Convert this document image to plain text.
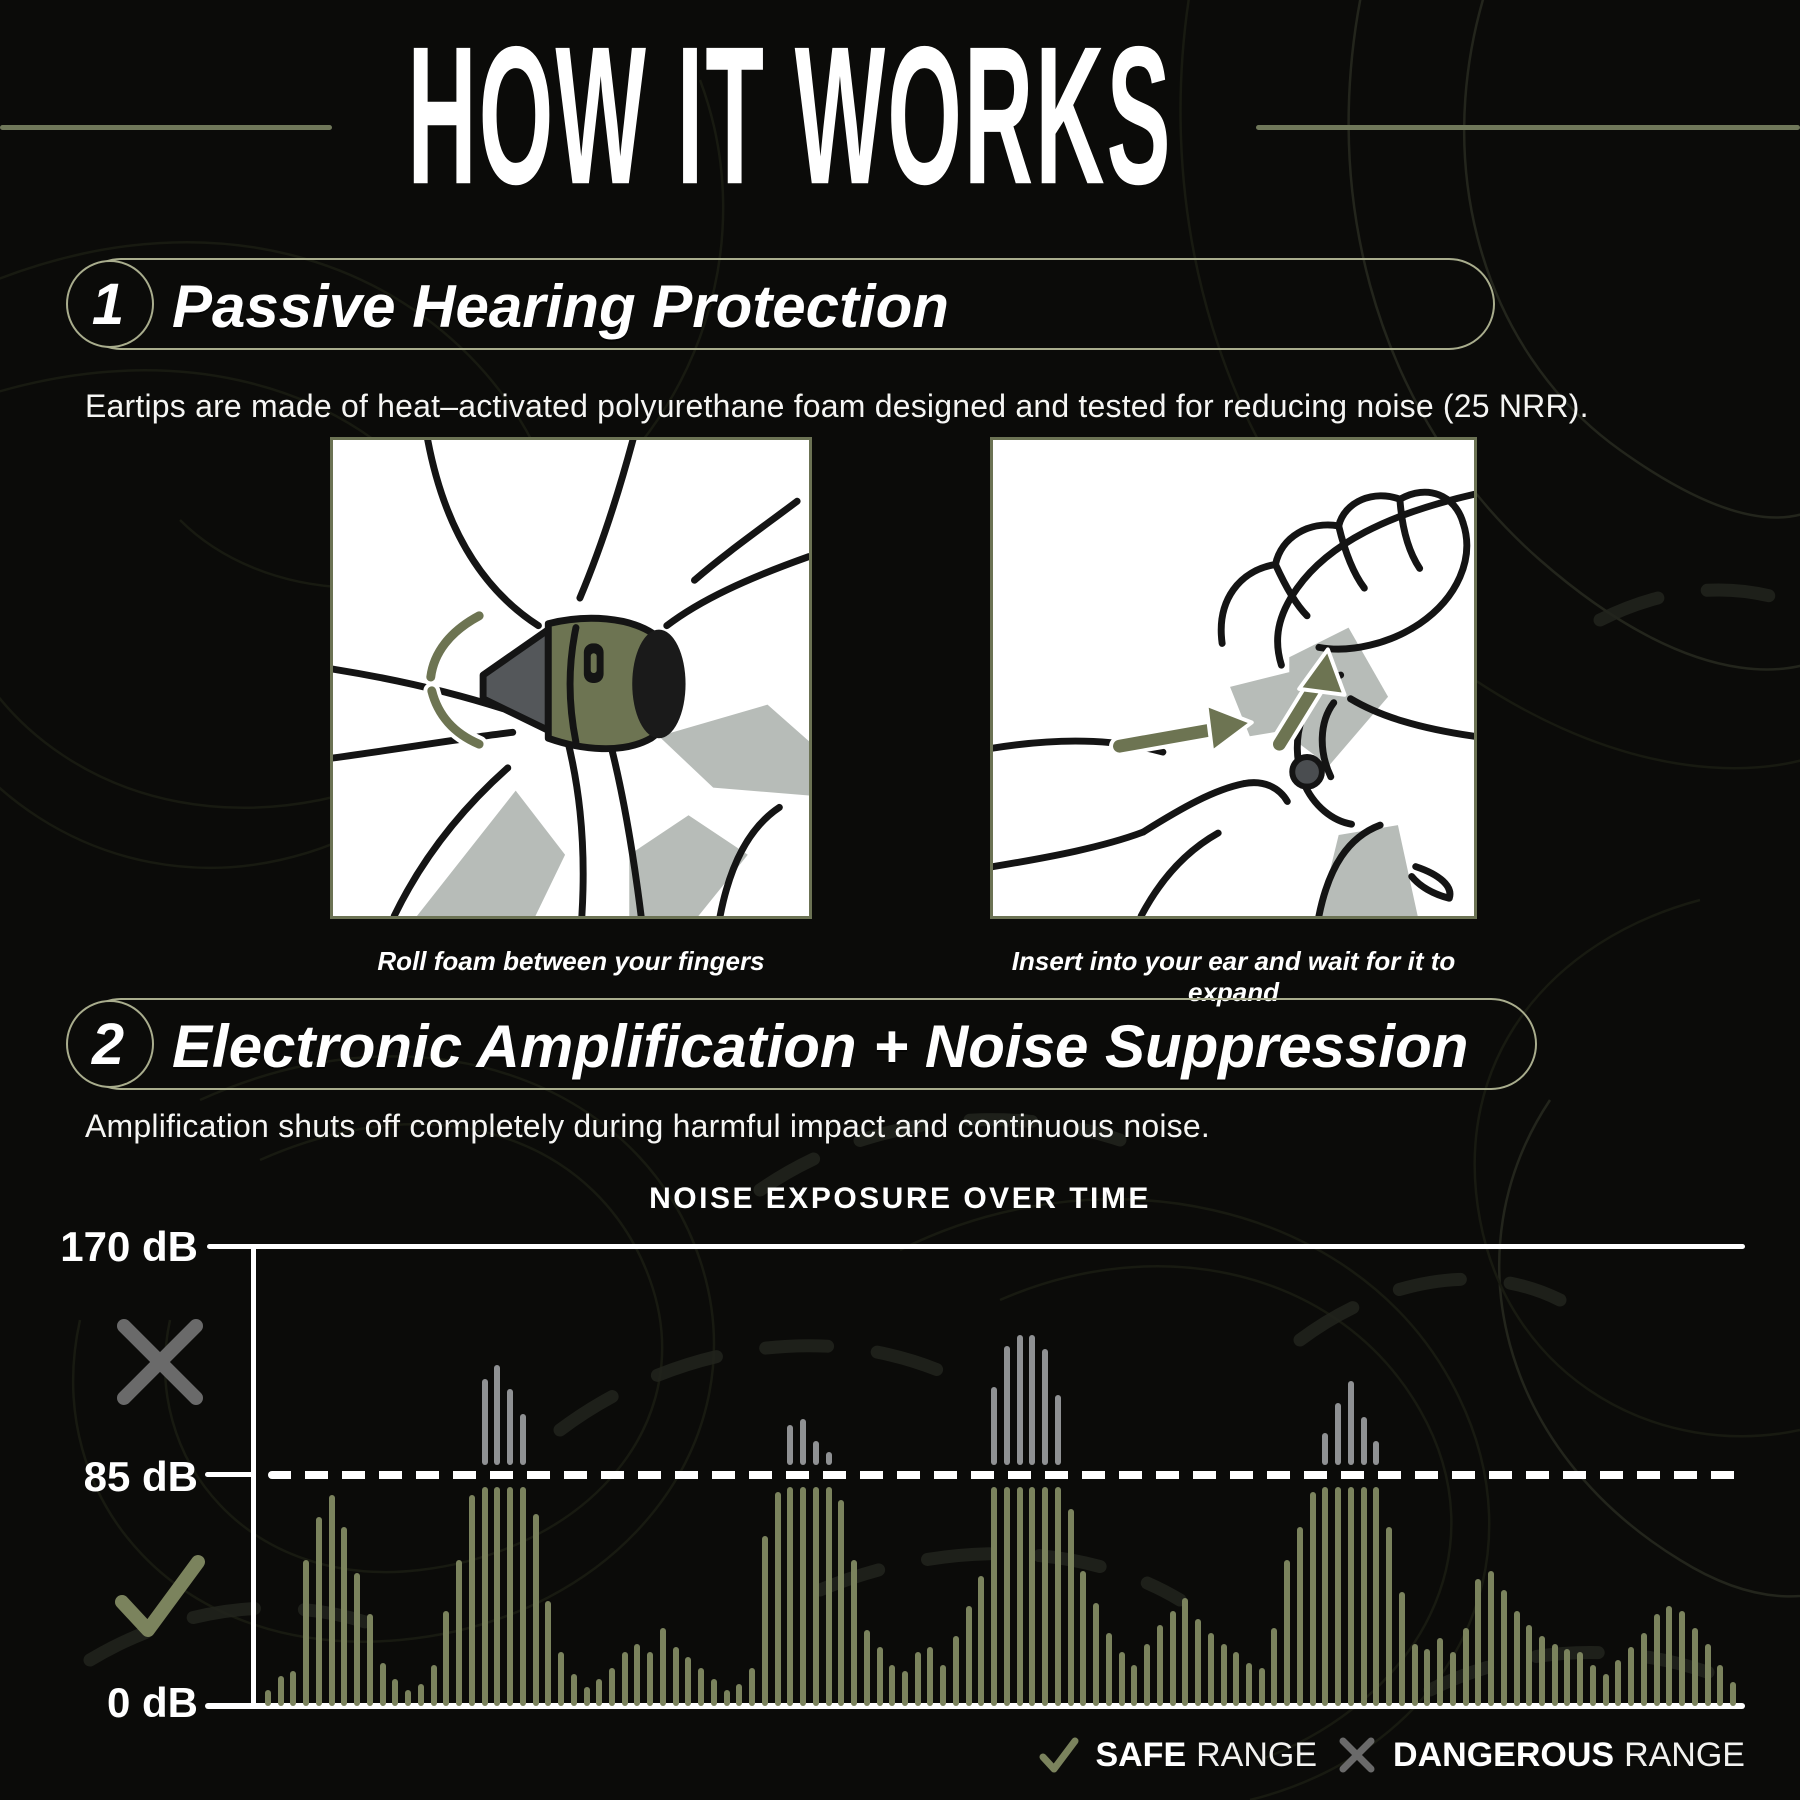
HOW IT WORKS
1 Passive Hearing Protection
Eartips are made of heat–activated polyurethane foam designed and tested for reducing noise (25 NRR).
Roll foam between your fingers	Insert into your ear and wait for it to expand
2 Electronic Amplification + Noise Suppression
Amplification shuts off completely during harmful impact and continuous noise.
NOISE EXPOSURE OVER TIME
170 dB
85 dB
0 dB
SAFE RANGE DANGEROUS RANGE
